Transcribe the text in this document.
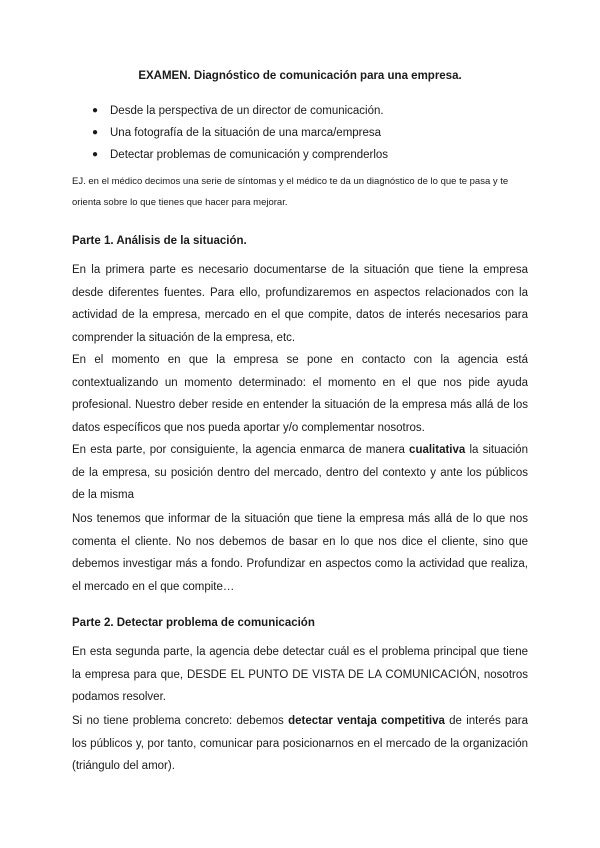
EXAMEN. Diagnóstico de comunicación para una empresa.
● Desde la perspectiva de un director de comunicación.
● Una fotografía de la situación de una marca/empresa
● Detectar problemas de comunicación y comprenderlos
EJ. en el médico decimos una serie de síntomas y el médico te da un diagnóstico de lo que te pasa y te orienta sobre lo que tienes que hacer para mejorar.
Parte 1. Análisis de la situación.
En la primera parte es necesario documentarse de la situación que tiene la empresa desde diferentes fuentes. Para ello, profundizaremos en aspectos relacionados con la actividad de la empresa, mercado en el que compite, datos de interés necesarios para comprender la situación de la empresa, etc.
En el momento en que la empresa se pone en contacto con la agencia está contextualizando un momento determinado: el momento en el que nos pide ayuda profesional. Nuestro deber reside en entender la situación de la empresa más allá de los datos específicos que nos pueda aportar y/o complementar nosotros.
En esta parte, por consiguiente, la agencia enmarca de manera cualitativa la situación de la empresa, su posición dentro del mercado, dentro del contexto y ante los públicos de la misma
Nos tenemos que informar de la situación que tiene la empresa más allá de lo que nos comenta el cliente. No nos debemos de basar en lo que nos dice el cliente, sino que debemos investigar más a fondo. Profundizar en aspectos como la actividad que realiza, el mercado en el que compite…
Parte 2. Detectar problema de comunicación
En esta segunda parte, la agencia debe detectar cuál es el problema principal que tiene la empresa para que, DESDE EL PUNTO DE VISTA DE LA COMUNICACIÓN, nosotros podamos resolver.
Si no tiene problema concreto: debemos detectar ventaja competitiva de interés para los públicos y, por tanto, comunicar para posicionarnos en el mercado de la organización (triángulo del amor).
